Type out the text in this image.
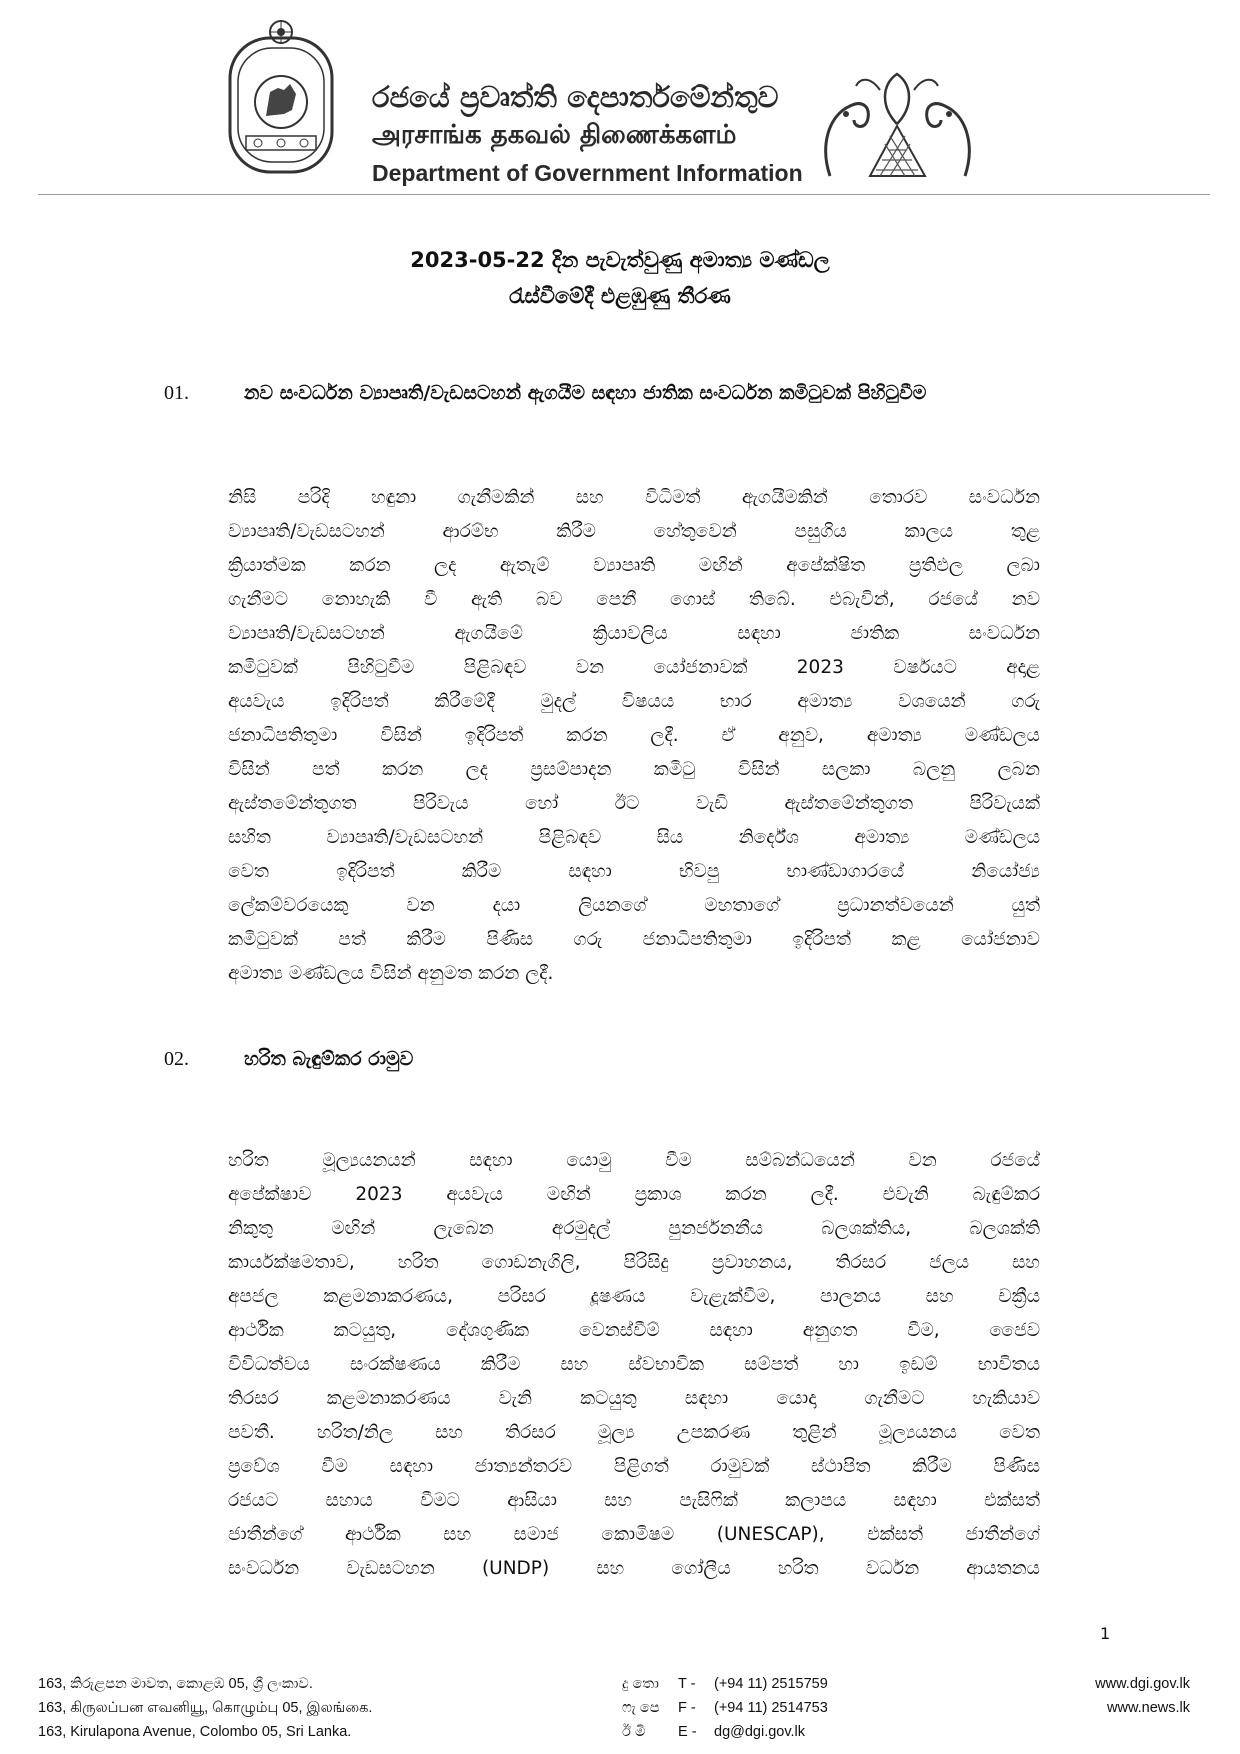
රජයේ ප්‍රවෘත්ති දෙපාර්තමේන්තුව
அரசாங்க தகவல் திணைக்களம்
Department of Government Information
2023-05-22 දින පැවැත්වුණු අමාත්‍ය මණ්ඩල
රැස්වීමේදී එළඹුණු තීරණ
01.	නව සංවර්ධන ව්‍යාපෘති/වැඩසටහන් ඇගයීම සඳහා ජාතික සංවර්ධන කමිටුවක් පිහිටුවීම
නිසි පරිදි හඳුනා ගැනීමකින් සහ විධිමත් ඇගයීමකින් තොරව සංවර්ධන
ව්‍යාපෘති/වැඩසටහන් ආරම්භ කිරීම හේතුවෙන් පසුගිය කාලය තුළ
ක්‍රියාත්මක කරන ලද ඇතැම් ව්‍යාපෘති මඟින් අපේක්ෂිත ප්‍රතිඵල ලබා
ගැනීමට නොහැකි වී ඇති බව පෙනී ගොස් තිබේ. එබැවින්, රජයේ නව
ව්‍යාපෘති/වැඩසටහන් ඇගයීමේ ක්‍රියාවලිය සඳහා ජාතික සංවර්ධන
කමිටුවක් පිහිටුවීම පිළිබඳව වන යෝජනාවක් 2023 වර්ෂයට අදාළ
අයවැය ඉදිරිපත් කිරීමේදී මුදල් විෂයය භාර අමාත්‍ය වශයෙන් ගරු
ජනාධිපතිතුමා විසින් ඉදිරිපත් කරන ලදී. ඒ අනුව, අමාත්‍ය මණ්ඩලය
විසින් පත් කරන ලද ප්‍රසම්පාදන කමිටු විසින් සලකා බලනු ලබන
ඇස්තමේන්තුගත පිරිවැය හෝ ඊට වැඩි ඇස්තමේන්තුගත පිරිවැයක්
සහිත ව්‍යාපෘති/වැඩසටහන් පිළිබඳව සිය නිර්දේශ අමාත්‍ය මණ්ඩලය
වෙත ඉදිරිපත් කිරීම සඳහා භිවපු භාණ්ඩාගාරයේ නියෝජ්‍ය
ලේකම්වරයෙකු වන දයා ලියනගේ මහතාගේ ප්‍රධානත්වයෙන් යුත්
කමිටුවක් පත් කිරීම පිණිස ගරු ජනාධිපතිතුමා ඉදිරිපත් කළ යෝජනාව
අමාත්‍ය මණ්ඩලය විසින් අනුමත කරන ලදී.
02.	හරිත බැඳුම්කර රාමුව
හරිත මූල්‍යයනයන් සඳහා යොමු වීම සම්බන්ධයෙන් වන රජයේ
අපේක්ෂාව 2023 අයවැය මඟින් ප්‍රකාශ කරන ලදී. එවැනි බැඳුම්කර
නිකුතු මඟින් ලැබෙන අරමුදල් පුනර්ජනනීය බලශක්තිය, බලශක්ති
කාර්යක්ෂමතාව, හරිත ගොඩනැගිලි, පිරිසිදු ප්‍රවාහනය, තිරසර ජලය සහ
අපජල කළමනාකරණය, පරිසර දූෂණය වැළැක්වීම, පාලනය සහ චක්‍රීය
ආර්ථික කටයුතු, දේශගුණික වෙනස්වීම් සඳහා අනුගත වීම, ජෛව
විවිධත්වය සංරක්ෂණය කිරීම සහ ස්වභාවික සම්පත් හා ඉඩම් භාවිතය
තිරසර කළමනාකරණය වැනි කටයුතු සඳහා යොදා ගැනීමට හැකියාව
පවතී. හරිත/නිල සහ තිරසර මූල්‍ය උපකරණ තුළින් මූල්‍යයනය වෙත
ප්‍රවේශ වීම සඳහා ජාත්‍යන්තරව පිළිගත් රාමුවක් ස්ථාපිත කිරීම පිණිස
රජයට සහාය වීමට ආසියා සහ පැසිෆික් කලාපය සඳහා එක්සත්
ජාතීන්ගේ ආර්ථික සහ සමාජ කොමිෂම (UNESCAP), එක්සත් ජාතීන්ගේ
සංවර්ධන වැඩසටහන (UNDP) සහ ගෝලීය හරිත වර්ධන ආයතනය
1
163, කිරුළපන මාවත, කොළඹ 05, ශ්‍රී ලංකාව.
163, கிருலப்பன எவனியூ, கொழும்பு 05, இலங்கை.
163, Kirulapona Avenue, Colombo 05, Sri Lanka.
දු තො T - (+94 11) 2515759
ෆැ පෙ F - (+94 11) 2514753
ඊ මි E - dg@dgi.gov.lk
www.dgi.gov.lk
www.news.lk
